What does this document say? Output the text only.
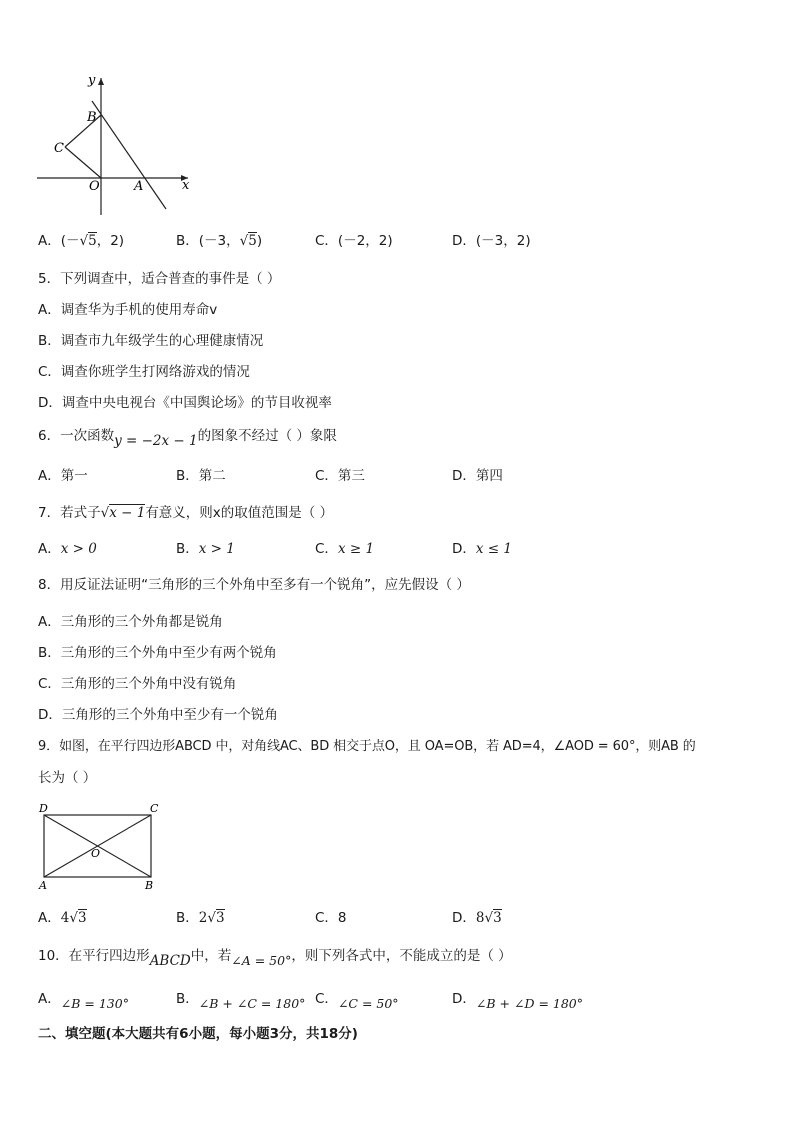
y
x
B
C
O	A
A．(－√5，2)	B．(－3，√5)	C．(－2，2)	D．(－3，2)
5．下列调查中，适合普查的事件是（ ）
A．调查华为手机的使用寿命v
B．调查市九年级学生的心理健康情况
C．调查你班学生打网络游戏的情况
D．调查中央电视台《中国舆论场》的节目收视率
6．一次函数y = −2x − 1的图象不经过（ ）象限
A．第一	B．第二	C．第三	D．第四
7．若式子√x − 1有意义，则x的取值范围是（ ）
A．x > 0	B．x > 1	C．x ≥ 1	D．x ≤ 1
8．用反证法证明“三角形的三个外角中至多有一个锐角”，应先假设（ ）
A．三角形的三个外角都是锐角
B．三角形的三个外角中至少有两个锐角
C．三角形的三个外角中没有锐角
D．三角形的三个外角中至少有一个锐角
9．如图，在平行四边形ABCD 中，对角线AC、BD 相交于点O，且 OA=OB，若 AD=4，∠AOD = 60°，则AB 的
长为（ ）
D	C
O
A	B
A．4√3	B．2√3	C．8	D．8√3
10．在平行四边形ABCD中，若∠A = 50°，则下列各式中，不能成立的是（ ）
A．∠B = 130°	B．∠B + ∠C = 180° C．∠C = 50°	D．∠B + ∠D = 180°
二、填空题(本大题共有6小题，每小题3分，共18分)
